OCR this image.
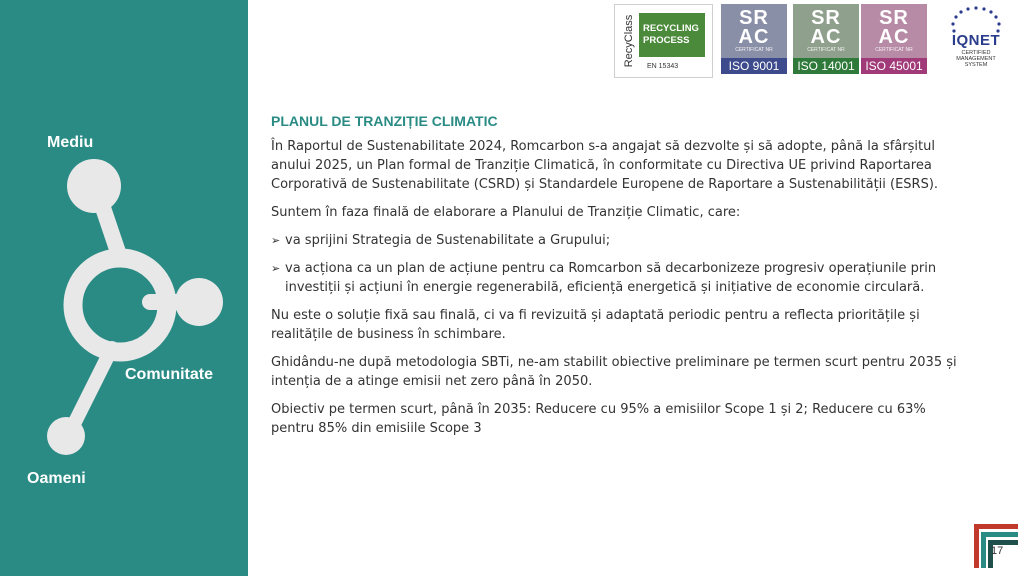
Mediu
Comunitate
Oameni
RecyClass RECYCLING
PROCESS
EN 15343
SR
AC
CERTIFICAT NR
ISO 9001
SR
AC
CERTIFICAT NR
ISO 14001
SR
AC
CERTIFICAT NR
ISO 45001
IQNET
CERTIFIED
MANAGEMENT
SYSTEM
PLANUL DE TRANZIȚIE CLIMATIC

În Raportul de Sustenabilitate 2024, Romcarbon s-a angajat să dezvolte și să adopte, până la sfârșitul anului 2025, un Plan formal de Tranziție Climatică, în conformitate cu Directiva UE privind Raportarea Corporativă de Sustenabilitate (CSRD) și Standardele Europene de Raportare a Sustenabilității (ESRS).

Suntem în faza finală de elaborare a Planului de Tranziție Climatic, care:

➢ va sprijini Strategia de Sustenabilitate a Grupului;
➢ va acționa ca un plan de acțiune pentru ca Romcarbon să decarbonizeze progresiv operațiunile prin investiții și acțiuni în energie regenerabilă, eficiență energetică și inițiative de economie circulară.

Nu este o soluție fixă sau finală, ci va fi revizuită și adaptată periodic pentru a reflecta prioritățile și realitățile de business în schimbare.

Ghidându-ne după metodologia SBTi, ne-am stabilit obiective preliminare pe termen scurt pentru 2035 și intenția de a atinge emisii net zero până în 2050.

Obiectiv pe termen scurt, până în 2035: Reducere cu 95% a emisiilor Scope 1 și 2; Reducere cu 63% pentru 85% din emisiile Scope 3

17
